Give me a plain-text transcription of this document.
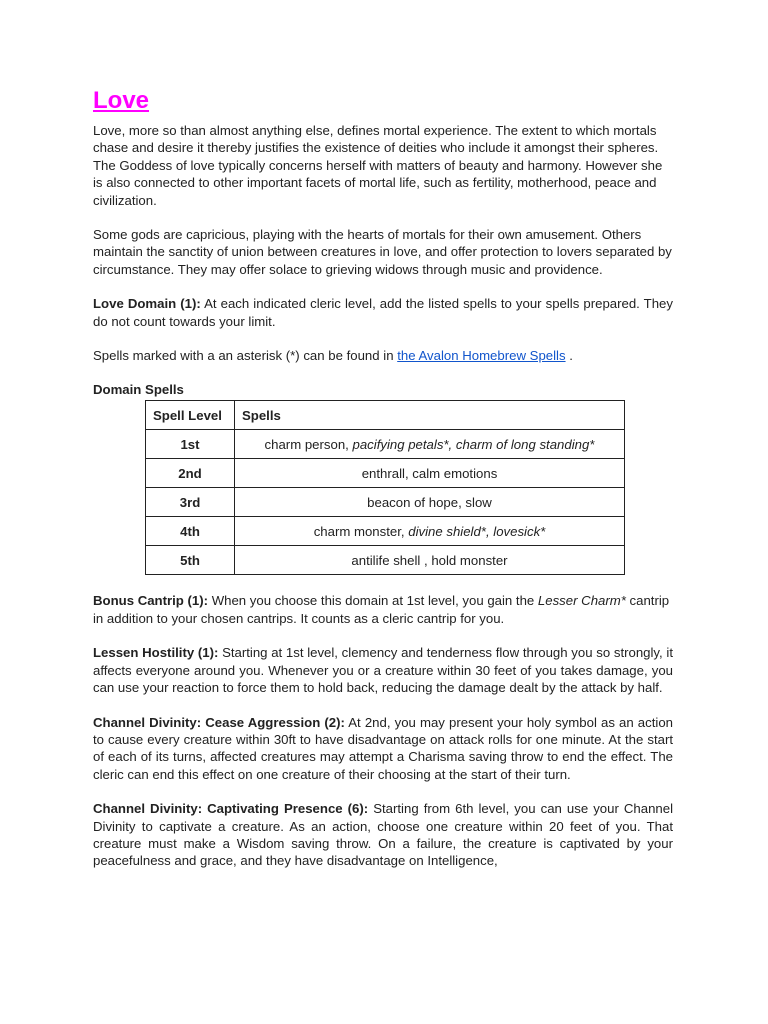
Love

Love, more so than almost anything else, defines mortal experience. The extent to which mortals chase and desire it thereby justifies the existence of deities who include it amongst their spheres. The Goddess of love typically concerns herself with matters of beauty and harmony. However she is also connected to other important facets of mortal life, such as fertility, motherhood, peace and civilization.

Some gods are capricious, playing with the hearts of mortals for their own amusement. Others maintain the sanctity of union between creatures in love, and offer protection to lovers separated by circumstance. They may offer solace to grieving widows through music and providence.

Love Domain (1): At each indicated cleric level, add the listed spells to your spells prepared. They do not count towards your limit.

Spells marked with a an asterisk (*) can be found in the Avalon Homebrew Spells .

Domain Spells
Spell Level	Spells
1st	charm person, pacifying petals*, charm of long standing*
2nd	enthrall, calm emotions
3rd	beacon of hope, slow
4th	charm monster, divine shield*, lovesick*
5th	antilife shell , hold monster

Bonus Cantrip (1): When you choose this domain at 1st level, you gain the Lesser Charm* cantrip in addition to your chosen cantrips. It counts as a cleric cantrip for you.

Lessen Hostility (1): Starting at 1st level, clemency and tenderness flow through you so strongly, it affects everyone around you. Whenever you or a creature within 30 feet of you takes damage, you can use your reaction to force them to hold back, reducing the damage dealt by the attack by half.

Channel Divinity: Cease Aggression (2): At 2nd, you may present your holy symbol as an action to cause every creature within 30ft to have disadvantage on attack rolls for one minute. At the start of each of its turns, affected creatures may attempt a Charisma saving throw to end the effect. The cleric can end this effect on one creature of their choosing at the start of their turn.

Channel Divinity: Captivating Presence (6): Starting from 6th level, you can use your Channel Divinity to captivate a creature. As an action, choose one creature within 20 feet of you. That creature must make a Wisdom saving throw. On a failure, the creature is captivated by your peacefulness and grace, and they have disadvantage on Intelligence,
